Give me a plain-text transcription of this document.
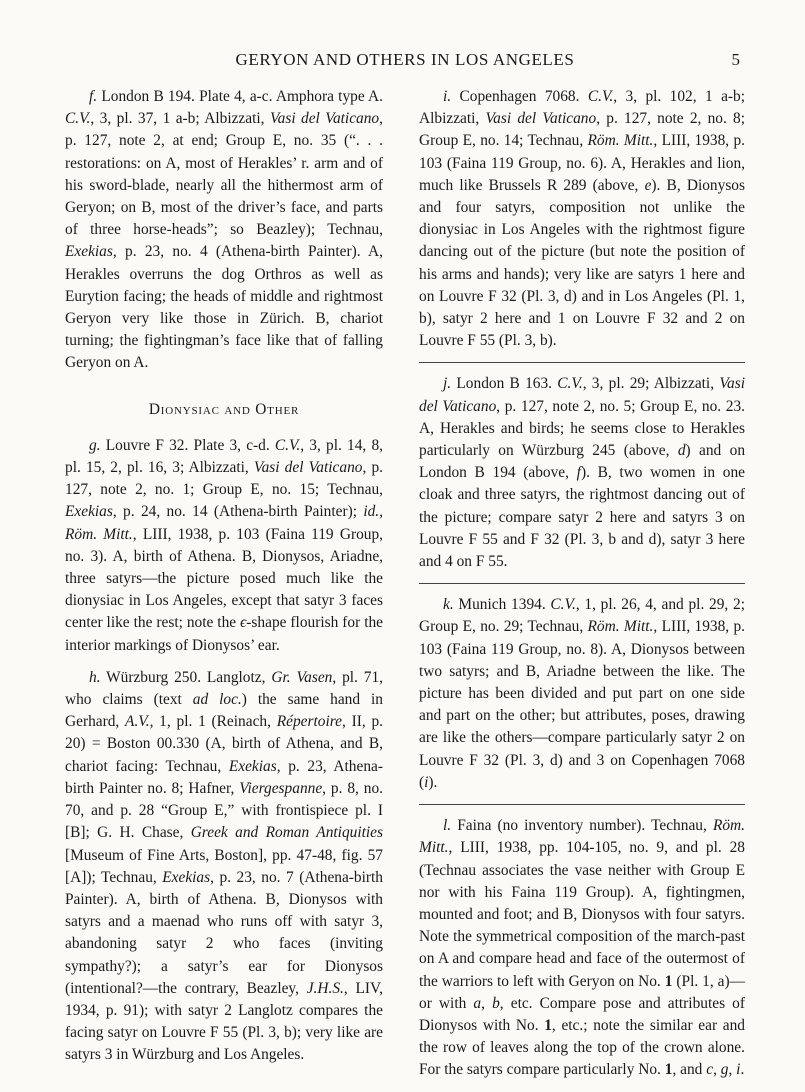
GERYON AND OTHERS IN LOS ANGELES	5

f. London B 194. Plate 4, a-c. Amphora type A. C.V., 3, pl. 37, 1 a-b; Albizzati, Vasi del Vaticano, p. 127, note 2, at end; Group E, no. 35 (“. . . restorations: on A, most of Herakles’ r. arm and of his sword-blade, nearly all the hithermost arm of Geryon; on B, most of the driver’s face, and parts of three horse-heads”; so Beazley); Technau, Exekias, p. 23, no. 4 (Athena-birth Painter). A, Herakles overruns the dog Orthros as well as Eurytion facing; the heads of middle and rightmost Geryon very like those in Zürich. B, chariot turning; the fightingman’s face like that of falling Geryon on A.

Dionysiac and Other

g. Louvre F 32. Plate 3, c-d. C.V., 3, pl. 14, 8, pl. 15, 2, pl. 16, 3; Albizzati, Vasi del Vaticano, p. 127, note 2, no. 1; Group E, no. 15; Technau, Exekias, p. 24, no. 14 (Athena-birth Painter); id., Röm. Mitt., LIII, 1938, p. 103 (Faina 119 Group, no. 3). A, birth of Athena. B, Dionysos, Ariadne, three satyrs—the picture posed much like the dionysiac in Los Angeles, except that satyr 3 faces center like the rest; note the ϵ-shape flourish for the interior markings of Dionysos’ ear.

h. Würzburg 250. Langlotz, Gr. Vasen, pl. 71, who claims (text ad loc.) the same hand in Gerhard, A.V., 1, pl. 1 (Reinach, Répertoire, II, p. 20) = Boston 00.330 (A, birth of Athena, and B, chariot facing: Technau, Exekias, p. 23, Athena-birth Painter no. 8; Hafner, Viergespanne, p. 8, no. 70, and p. 28 “Group E,” with frontispiece pl. I [B]; G. H. Chase, Greek and Roman Antiquities [Museum of Fine Arts, Boston], pp. 47-48, fig. 57 [A]); Technau, Exekias, p. 23, no. 7 (Athena-birth Painter). A, birth of Athena. B, Dionysos with satyrs and a maenad who runs off with satyr 3, abandoning satyr 2 who faces (inviting sympathy?); a satyr’s ear for Dionysos (intentional?—the contrary, Beazley, J.H.S., LIV, 1934, p. 91); with satyr 2 Langlotz compares the facing satyr on Louvre F 55 (Pl. 3, b); very like are satyrs 3 in Würzburg and Los Angeles.

i. Copenhagen 7068. C.V., 3, pl. 102, 1 a-b; Albizzati, Vasi del Vaticano, p. 127, note 2, no. 8; Group E, no. 14; Technau, Röm. Mitt., LIII, 1938, p. 103 (Faina 119 Group, no. 6). A, Herakles and lion, much like Brussels R 289 (above, e). B, Dionysos and four satyrs, composition not unlike the dionysiac in Los Angeles with the rightmost figure dancing out of the picture (but note the position of his arms and hands); very like are satyrs 1 here and on Louvre F 32 (Pl. 3, d) and in Los Angeles (Pl. 1, b), satyr 2 here and 1 on Louvre F 32 and 2 on Louvre F 55 (Pl. 3, b).

j. London B 163. C.V., 3, pl. 29; Albizzati, Vasi del Vaticano, p. 127, note 2, no. 5; Group E, no. 23. A, Herakles and birds; he seems close to Herakles particularly on Würzburg 245 (above, d) and on London B 194 (above, f). B, two women in one cloak and three satyrs, the rightmost dancing out of the picture; compare satyr 2 here and satyrs 3 on Louvre F 55 and F 32 (Pl. 3, b and d), satyr 3 here and 4 on F 55.

k. Munich 1394. C.V., 1, pl. 26, 4, and pl. 29, 2; Group E, no. 29; Technau, Röm. Mitt., LIII, 1938, p. 103 (Faina 119 Group, no. 8). A, Dionysos between two satyrs; and B, Ariadne between the like. The picture has been divided and put part on one side and part on the other; but attributes, poses, drawing are like the others—compare particularly satyr 2 on Louvre F 32 (Pl. 3, d) and 3 on Copenhagen 7068 (i).

l. Faina (no inventory number). Technau, Röm. Mitt., LIII, 1938, pp. 104-105, no. 9, and pl. 28 (Technau associates the vase neither with Group E nor with his Faina 119 Group). A, fightingmen, mounted and foot; and B, Dionysos with four satyrs. Note the symmetrical composition of the march-past on A and compare head and face of the outermost of the warriors to left with Geryon on No. 1 (Pl. 1, a)—or with a, b, etc. Compare pose and attributes of Dionysos with No. 1, etc.; note the similar ear and the row of leaves along the top of the crown alone. For the satyrs compare particularly No. 1, and c, g, i.
